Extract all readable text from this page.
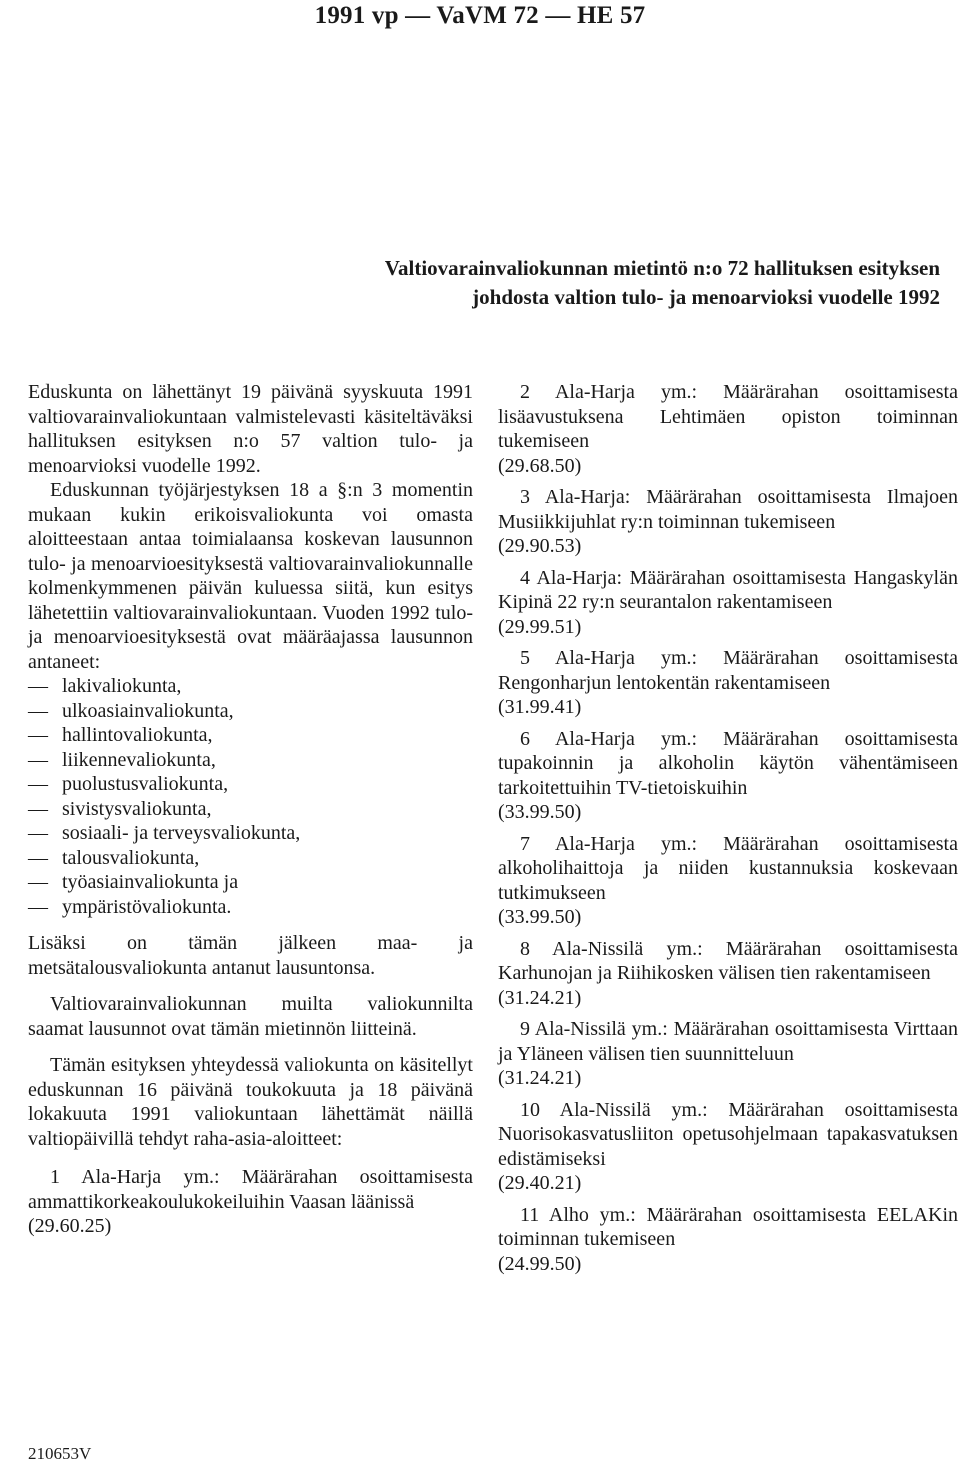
1991 vp — VaVM 72 — HE 57
Valtiovarainvaliokunnan mietintö n:o 72 hallituksen esityksen
johdosta valtion tulo- ja menoarvioksi vuodelle 1992

Eduskunta on lähettänyt 19 päivänä syyskuuta 1991 valtiovarainvaliokuntaan valmistelevasti käsiteltäväksi hallituksen esityksen n:o 57 valtion tulo- ja menoarvioksi vuodelle 1992.

Eduskunnan työjärjestyksen 18 a §:n 3 momentin mukaan kukin erikoisvaliokunta voi omasta aloitteestaan antaa toimialaansa koskevan lausunnon tulo- ja menoarvioesityksestä valtiovarainvaliokunnalle kolmenkymmenen päivän kuluessa siitä, kun esitys lähetettiin valtiovarainvaliokuntaan. Vuoden 1992 tulo- ja menoarvioesityksestä ovat määräajassa lausunnon antaneet:

— lakivaliokunta,
— ulkoasiainvaliokunta,
— hallintovaliokunta,
— liikennevaliokunta,
— puolustusvaliokunta,
— sivistysvaliokunta,
— sosiaali- ja terveysvaliokunta,
— talousvaliokunta,
— työasiainvaliokunta ja
— ympäristövaliokunta.

Lisäksi on tämän jälkeen maa- ja metsätalousvaliokunta antanut lausuntonsa.

Valtiovarainvaliokunnan muilta valiokunnilta saamat lausunnot ovat tämän mietinnön liitteinä.

Tämän esityksen yhteydessä valiokunta on käsitellyt eduskunnan 16 päivänä toukokuuta ja 18 päivänä lokakuuta 1991 valiokuntaan lähettämät näillä valtiopäivillä tehdyt raha-asia-aloitteet:

1 Ala-Harja ym.: Määrärahan osoittamisesta ammattikorkeakoulukokeiluihin Vaasan läänissä
(29.60.25)
2 Ala-Harja ym.: Määrärahan osoittamisesta lisäavustuksena Lehtimäen opiston toiminnan tukemiseen
(29.68.50)
3 Ala-Harja: Määrärahan osoittamisesta Ilmajoen Musiikkijuhlat ry:n toiminnan tukemiseen
(29.90.53)
4 Ala-Harja: Määrärahan osoittamisesta Hangaskylän Kipinä 22 ry:n seurantalon rakentamiseen
(29.99.51)
5 Ala-Harja ym.: Määrärahan osoittamisesta Rengonharjun lentokentän rakentamiseen
(31.99.41)
6 Ala-Harja ym.: Määrärahan osoittamisesta tupakoinnin ja alkoholin käytön vähentämiseen tarkoitettuihin TV-tietoiskuihin
(33.99.50)
7 Ala-Harja ym.: Määrärahan osoittamisesta alkoholihaittoja ja niiden kustannuksia koskevaan tutkimukseen
(33.99.50)
8 Ala-Nissilä ym.: Määrärahan osoittamisesta Karhunojan ja Riihikosken välisen tien rakentamiseen
(31.24.21)
9 Ala-Nissilä ym.: Määrärahan osoittamisesta Virttaan ja Yläneen välisen tien suunnitteluun
(31.24.21)
10 Ala-Nissilä ym.: Määrärahan osoittamisesta Nuorisokasvatusliiton opetusohjelmaan tapakasvatuksen edistämiseksi
(29.40.21)
11 Alho ym.: Määrärahan osoittamisesta EELAKin toiminnan tukemiseen
(24.99.50)
210653V
